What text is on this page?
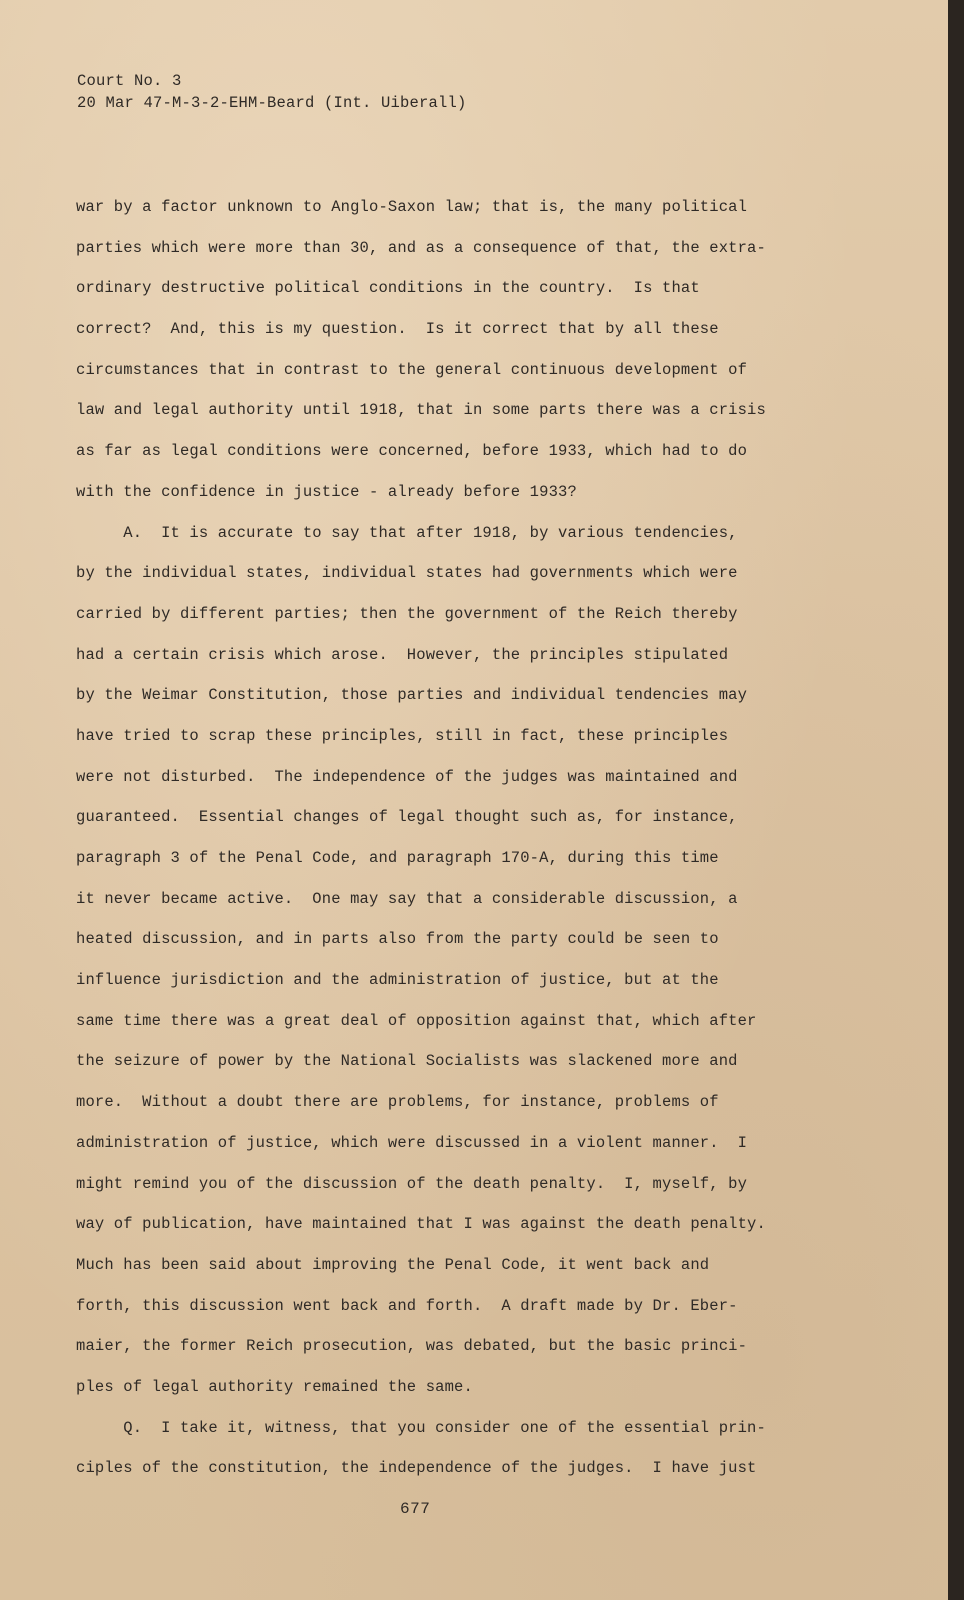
Court No. 3
20 Mar 47-M-3-2-EHM-Beard (Int. Uiberall)
war by a factor unknown to Anglo-Saxon law; that is, the many political
parties which were more than 30, and as a consequence of that, the extra-
ordinary destructive political conditions in the country.  Is that
correct?  And, this is my question.  Is it correct that by all these
circumstances that in contrast to the general continuous development of
law and legal authority until 1918, that in some parts there was a crisis
as far as legal conditions were concerned, before 1933, which had to do
with the confidence in justice - already before 1933?
A.  It is accurate to say that after 1918, by various tendencies,
by the individual states, individual states had governments which were
carried by different parties; then the government of the Reich thereby
had a certain crisis which arose.  However, the principles stipulated
by the Weimar Constitution, those parties and individual tendencies may
have tried to scrap these principles, still in fact, these principles
were not disturbed.  The independence of the judges was maintained and
guaranteed.  Essential changes of legal thought such as, for instance,
paragraph 3 of the Penal Code, and paragraph 170-A, during this time
it never became active.  One may say that a considerable discussion, a
heated discussion, and in parts also from the party could be seen to
influence jurisdiction and the administration of justice, but at the
same time there was a great deal of opposition against that, which after
the seizure of power by the National Socialists was slackened more and
more.  Without a doubt there are problems, for instance, problems of
administration of justice, which were discussed in a violent manner.  I
might remind you of the discussion of the death penalty.  I, myself, by
way of publication, have maintained that I was against the death penalty.
Much has been said about improving the Penal Code, it went back and
forth, this discussion went back and forth.  A draft made by Dr. Eber-
maier, the former Reich prosecution, was debated, but the basic princi-
ples of legal authority remained the same.
Q.  I take it, witness, that you consider one of the essential prin-
ciples of the constitution, the independence of the judges.  I have just
677
